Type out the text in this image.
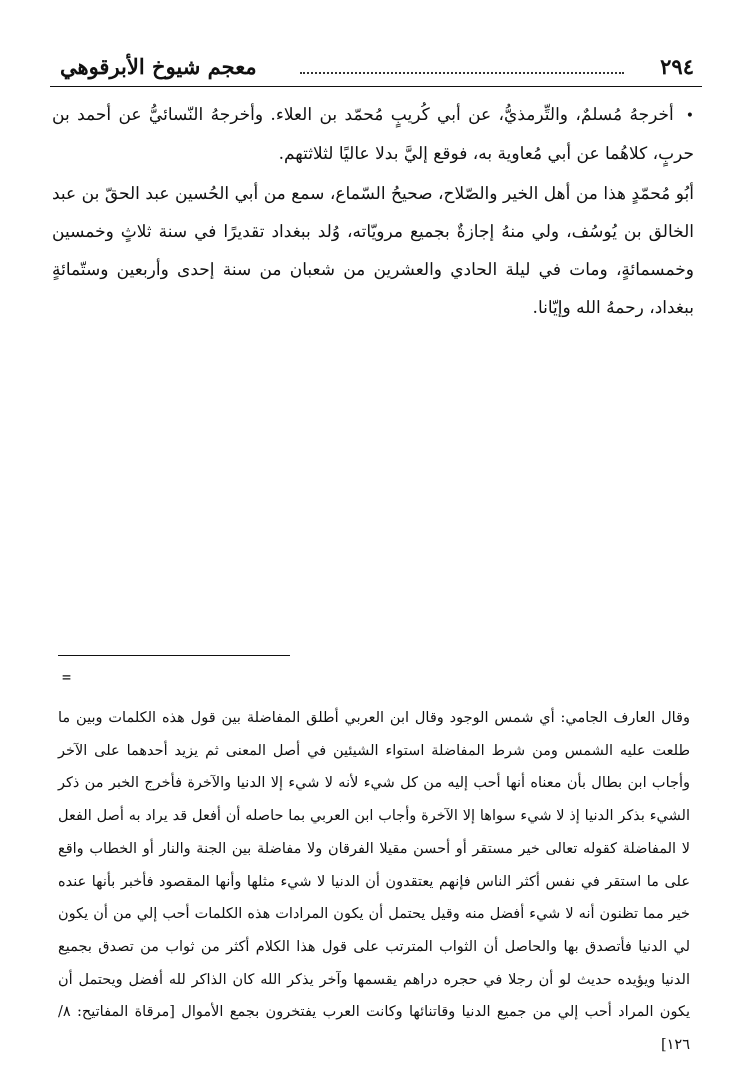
٢٩٤
معجم شيوخ الأبرقوهي

•أخرجهُ مُسلمٌ، والتِّرمذيُّ، عن أبي كُريبٍ مُحمّد بن العلاء. وأخرجهُ النّسائيُّ عن أحمد بن حربٍ، كلاهُما عن أبي مُعاوية به، فوقع إليَّ بدلا عاليًا لثلاثتهم.

أبُو مُحمّدٍ هذا من أهل الخير والصّلاح، صحيحُ السّماع، سمع من أبي الحُسين عبد الحقّ بن عبد الخالق بن يُوسُف، ولي منهُ إجازةٌ بجميع مرويّاته، وُلد ببغداد تقديرًا في سنة ثلاثٍ وخمسين وخمسمائةٍ، ومات في ليلة الحادي والعشرين من شعبان من سنة إحدى وأربعين وستّمائةٍ ببغداد، رحمهُ الله وإيّانا.

=

وقال العارف الجامي: أي شمس الوجود وقال ابن العربي أطلق المفاضلة بين قول هذه الكلمات وبين ما طلعت عليه الشمس ومن شرط المفاضلة استواء الشيئين في أصل المعنى ثم يزيد أحدهما على الآخر وأجاب ابن بطال بأن معناه أنها أحب إليه من كل شيء لأنه لا شيء إلا الدنيا والآخرة فأخرج الخبر من ذكر الشيء بذكر الدنيا إذ لا شيء سواها إلا الآخرة وأجاب ابن العربي بما حاصله أن أفعل قد يراد به أصل الفعل لا المفاضلة كقوله تعالى خير مستقر أو أحسن مقيلا الفرقان ولا مفاضلة بين الجنة والنار أو الخطاب واقع على ما استقر في نفس أكثر الناس فإنهم يعتقدون أن الدنيا لا شيء مثلها وأنها المقصود فأخبر بأنها عنده خير مما تظنون أنه لا شيء أفضل منه وقيل يحتمل أن يكون المرادات هذه الكلمات أحب إلي من أن يكون لي الدنيا فأتصدق بها والحاصل أن الثواب المترتب على قول هذا الكلام أكثر من ثواب من تصدق بجميع الدنيا ويؤيده حديث لو أن رجلا في حجره دراهم يقسمها وآخر يذكر الله كان الذاكر لله أفضل ويحتمل أن يكون المراد أحب إلي من جميع الدنيا وقاتنائها وكانت العرب يفتخرون بجمع الأموال [مرقاة المفاتيح: ٨/ ١٢٦]
